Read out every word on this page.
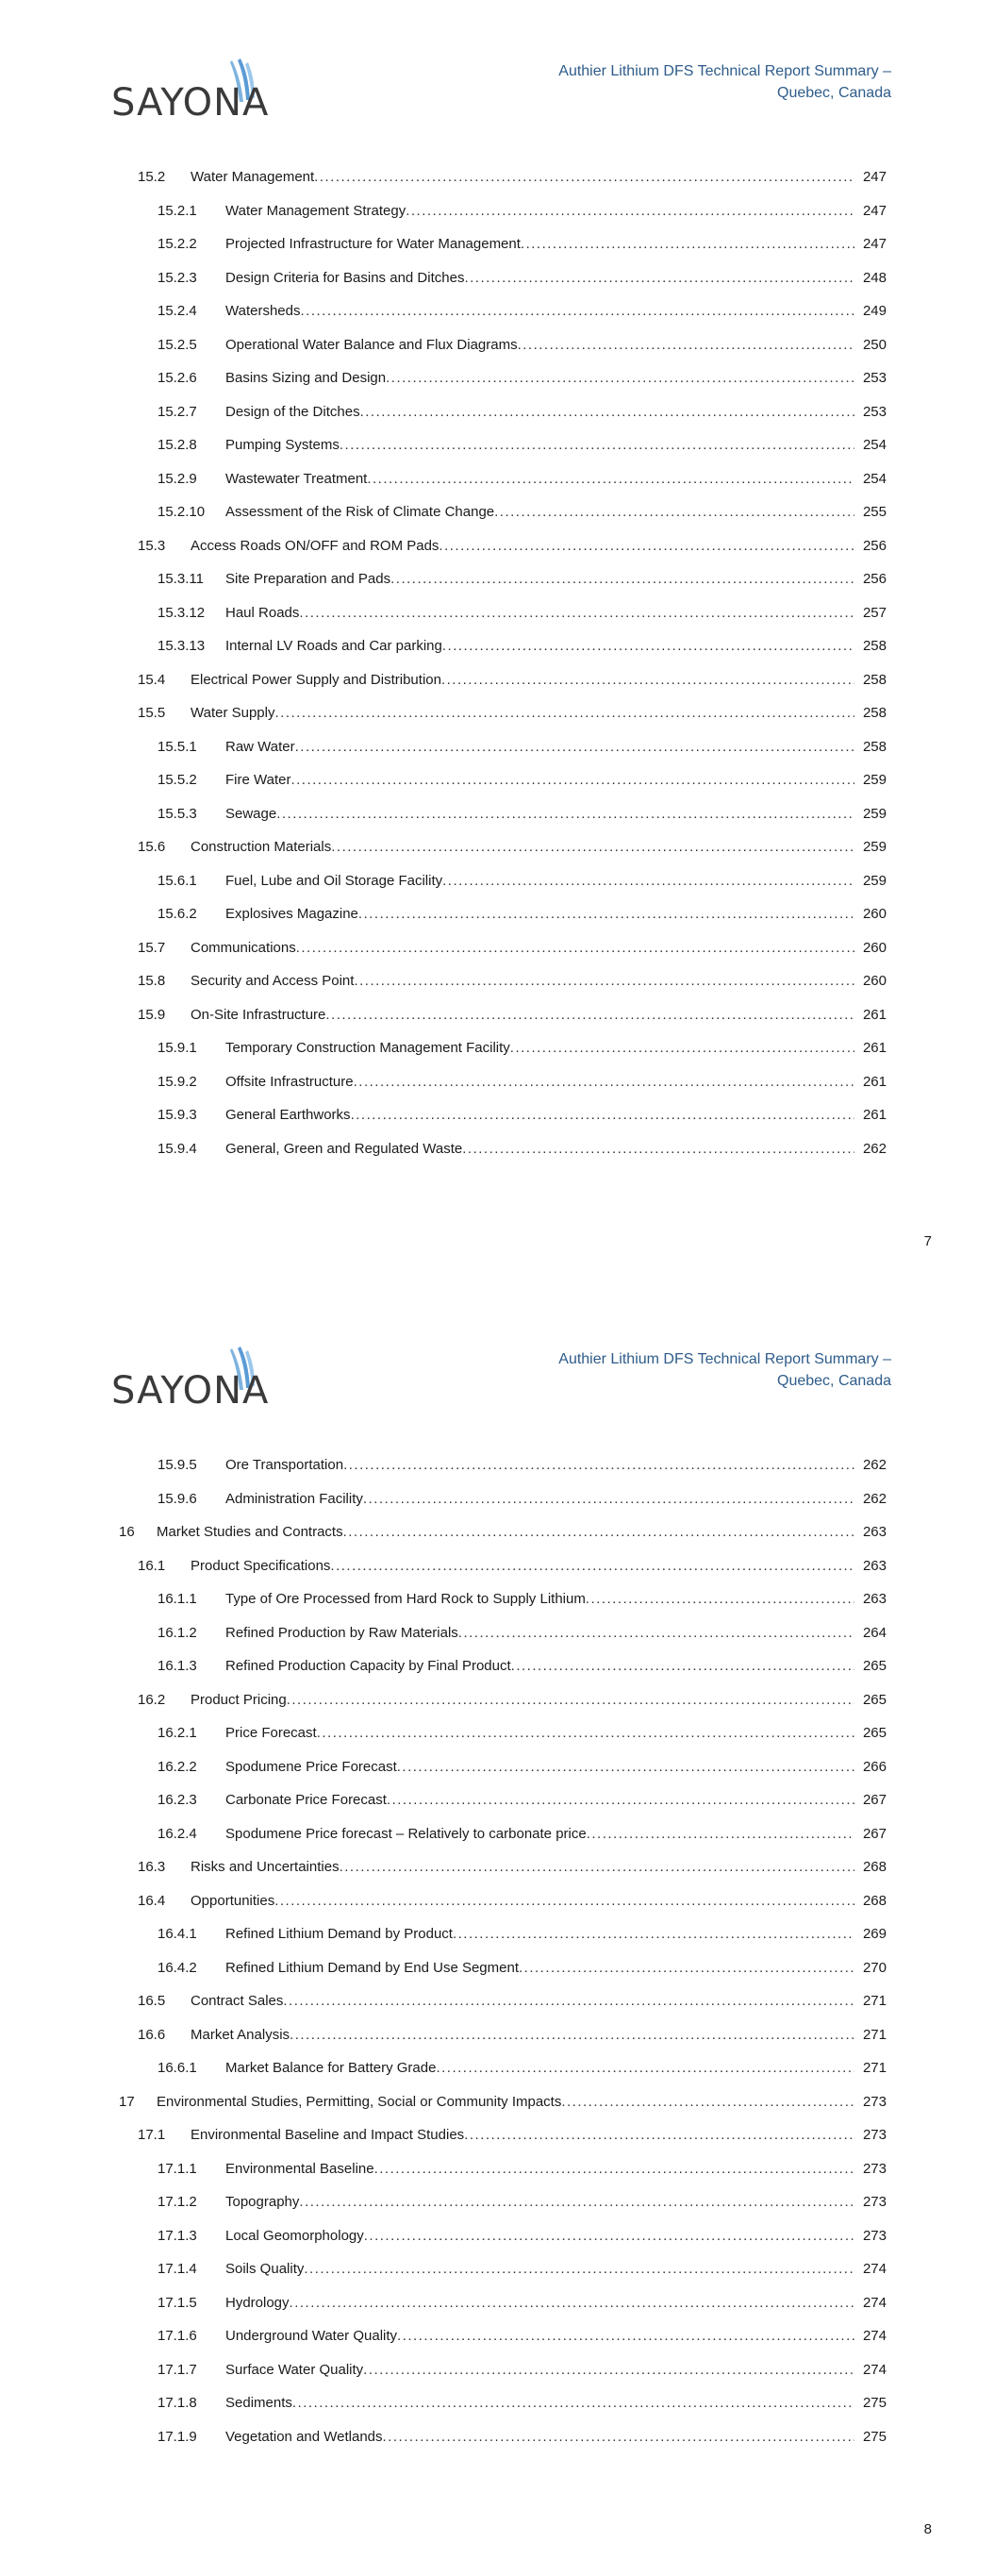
SAYONA
Authier Lithium DFS Technical Report Summary –
Quebec, Canada
15.2 Water Management .....	247
15.2.1 Water Management Strategy .....	247
15.2.2 Projected Infrastructure for Water Management .....	247
15.2.3 Design Criteria for Basins and Ditches .....	248
15.2.4 Watersheds .....	249
15.2.5 Operational Water Balance and Flux Diagrams .....	250
15.2.6 Basins Sizing and Design .....	253
15.2.7 Design of the Ditches .....	253
15.2.8 Pumping Systems .....	254
15.2.9 Wastewater Treatment .....	254
15.2.10 Assessment of the Risk of Climate Change .....	255
15.3 Access Roads ON/OFF and ROM Pads .....	256
15.3.11 Site Preparation and Pads .....	256
15.3.12 Haul Roads .....	257
15.3.13 Internal LV Roads and Car parking .....	258
15.4 Electrical Power Supply and Distribution .....	258
15.5 Water Supply .....	258
15.5.1 Raw Water .....	258
15.5.2 Fire Water .....	259
15.5.3 Sewage .....	259
15.6 Construction Materials .....	259
15.6.1 Fuel, Lube and Oil Storage Facility .....	259
15.6.2 Explosives Magazine .....	260
15.7 Communications .....	260
15.8 Security and Access Point .....	260
15.9 On-Site Infrastructure .....	261
15.9.1 Temporary Construction Management Facility .....	261
15.9.2 Offsite Infrastructure .....	261
15.9.3 General Earthworks .....	261
15.9.4 General, Green and Regulated Waste .....	262
7
SAYONA
Authier Lithium DFS Technical Report Summary –
Quebec, Canada
15.9.5 Ore Transportation .....	262
15.9.6 Administration Facility .....	262
16 Market Studies and Contracts .....	263
16.1 Product Specifications .....	263
16.1.1 Type of Ore Processed from Hard Rock to Supply Lithium .....	263
16.1.2 Refined Production by Raw Materials .....	264
16.1.3 Refined Production Capacity by Final Product .....	265
16.2 Product Pricing .....	265
16.2.1 Price Forecast .....	265
16.2.2 Spodumene Price Forecast .....	266
16.2.3 Carbonate Price Forecast .....	267
16.2.4 Spodumene Price forecast – Relatively to carbonate price .....	267
16.3 Risks and Uncertainties .....	268
16.4 Opportunities .....	268
16.4.1 Refined Lithium Demand by Product .....	269
16.4.2 Refined Lithium Demand by End Use Segment .....	270
16.5 Contract Sales .....	271
16.6 Market Analysis .....	271
16.6.1 Market Balance for Battery Grade .....	271
17 Environmental Studies, Permitting, Social or Community Impacts .....	273
17.1 Environmental Baseline and Impact Studies .....	273
17.1.1 Environmental Baseline .....	273
17.1.2 Topography .....	273
17.1.3 Local Geomorphology .....	273
17.1.4 Soils Quality .....	274
17.1.5 Hydrology .....	274
17.1.6 Underground Water Quality .....	274
17.1.7 Surface Water Quality .....	274
17.1.8 Sediments .....	275
17.1.9 Vegetation and Wetlands .....	275
8
